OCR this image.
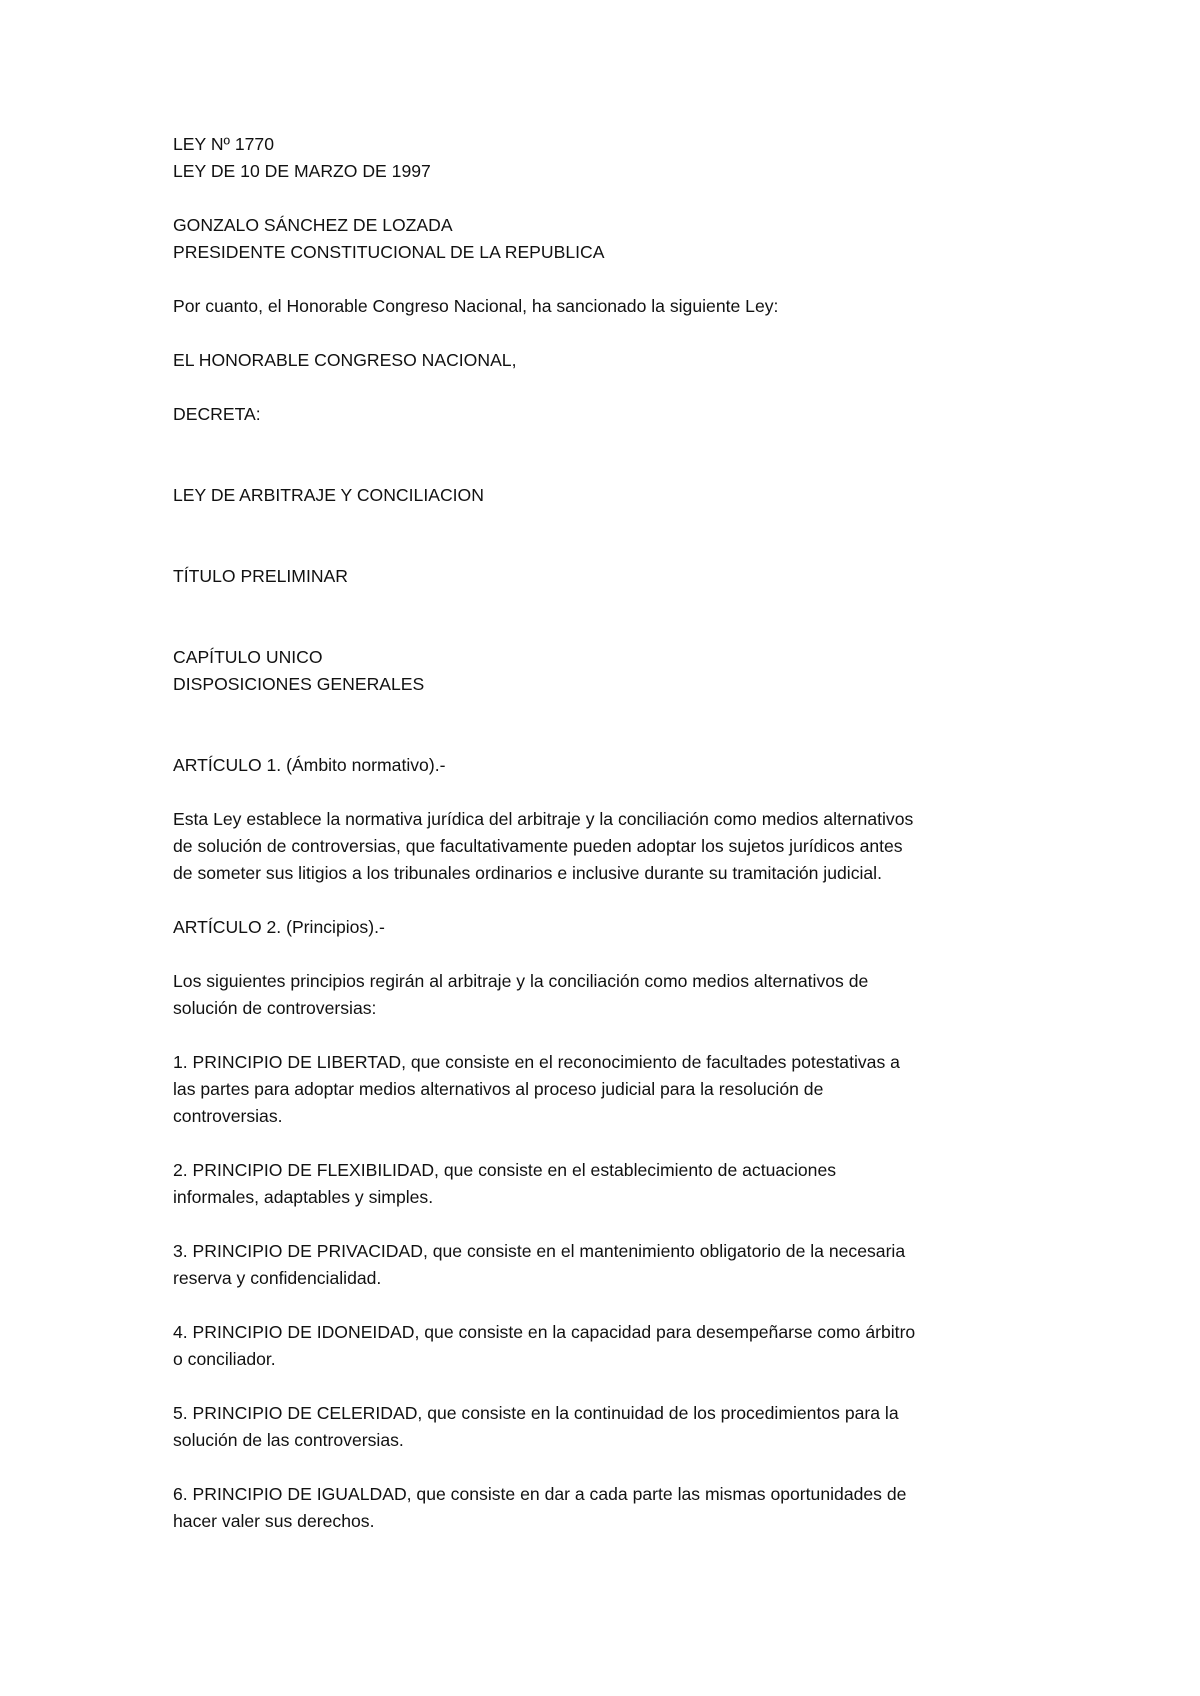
LEY Nº 1770
LEY DE 10 DE MARZO DE 1997
GONZALO SÁNCHEZ DE LOZADA
PRESIDENTE CONSTITUCIONAL DE LA REPUBLICA
Por cuanto, el Honorable Congreso Nacional, ha sancionado la siguiente Ley:
EL HONORABLE CONGRESO NACIONAL,
DECRETA:
LEY DE ARBITRAJE Y CONCILIACION
TÍTULO PRELIMINAR
CAPÍTULO UNICO
DISPOSICIONES GENERALES
ARTÍCULO 1. (Ámbito normativo).-
Esta Ley establece la normativa jurídica del arbitraje y la conciliación como medios alternativos
de solución de controversias, que facultativamente pueden adoptar los sujetos jurídicos antes
de someter sus litigios a los tribunales ordinarios e inclusive durante su tramitación judicial.
ARTÍCULO 2. (Principios).-
Los siguientes principios regirán al arbitraje y la conciliación como medios alternativos de
solución de controversias:
1. PRINCIPIO DE LIBERTAD, que consiste en el reconocimiento de facultades potestativas a
las partes para adoptar medios alternativos al proceso judicial para la resolución de
controversias.
2. PRINCIPIO DE FLEXIBILIDAD, que consiste en el establecimiento de actuaciones
informales, adaptables y simples.
3. PRINCIPIO DE PRIVACIDAD, que consiste en el mantenimiento obligatorio de la necesaria
reserva y confidencialidad.
4. PRINCIPIO DE IDONEIDAD, que consiste en la capacidad para desempeñarse como árbitro
o conciliador.
5. PRINCIPIO DE CELERIDAD, que consiste en la continuidad de los procedimientos para la
solución de las controversias.
6. PRINCIPIO DE IGUALDAD, que consiste en dar a cada parte las mismas oportunidades de
hacer valer sus derechos.
